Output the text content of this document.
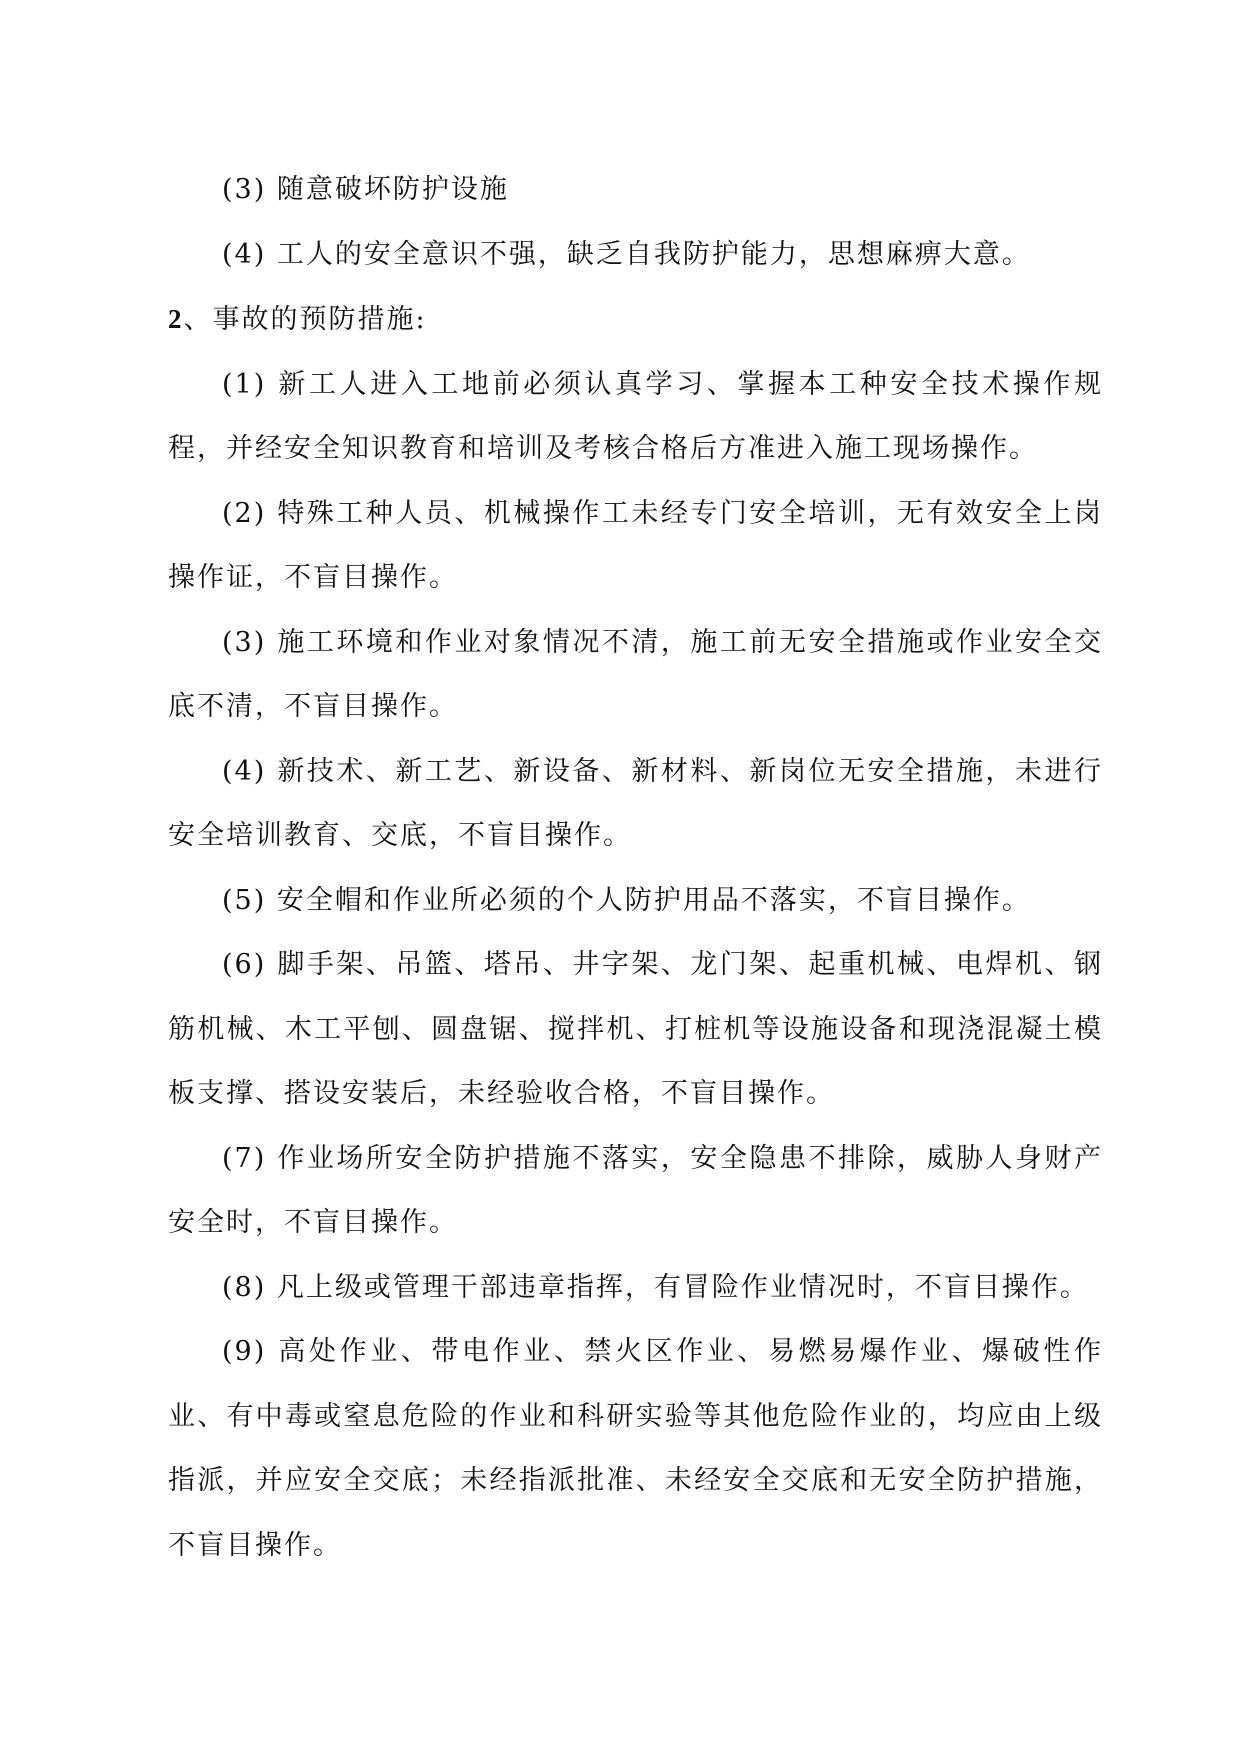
(3) 随意破坏防护设施

(4) 工人的安全意识不强，缺乏自我防护能力，思想麻痹大意。

2、事故的预防措施:

(1) 新工人进入工地前必须认真学习、掌握本工种安全技术操作规程，并经安全知识教育和培训及考核合格后方准进入施工现场操作。

(2) 特殊工种人员、机械操作工未经专门安全培训，无有效安全上岗操作证，不盲目操作。

(3) 施工环境和作业对象情况不清，施工前无安全措施或作业安全交底不清，不盲目操作。

(4) 新技术、新工艺、新设备、新材料、新岗位无安全措施，未进行安全培训教育、交底，不盲目操作。

(5) 安全帽和作业所必须的个人防护用品不落实，不盲目操作。

(6) 脚手架、吊篮、塔吊、井字架、龙门架、起重机械、电焊机、钢筋机械、木工平刨、圆盘锯、搅拌机、打桩机等设施设备和现浇混凝土模板支撑、搭设安装后，未经验收合格，不盲目操作。

(7) 作业场所安全防护措施不落实，安全隐患不排除，威胁人身财产安全时，不盲目操作。

(8) 凡上级或管理干部违章指挥，有冒险作业情况时，不盲目操作。

(9) 高处作业、带电作业、禁火区作业、易燃易爆作业、爆破性作业、有中毒或窒息危险的作业和科研实验等其他危险作业的，均应由上级指派，并应安全交底；未经指派批准、未经安全交底和无安全防护措施，不盲目操作。
